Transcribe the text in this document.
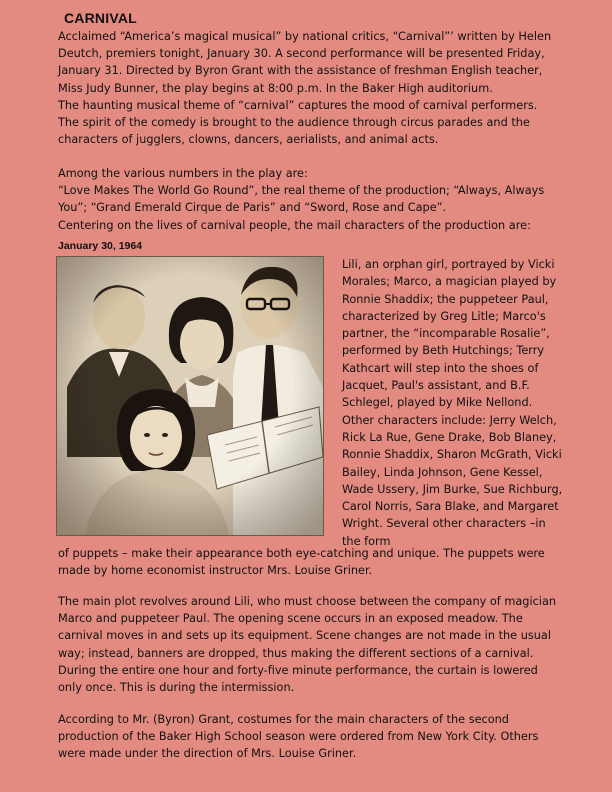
CARNIVAL

Acclaimed “America’s magical musical” by national critics, “Carnival”’ written by Helen Deutch, premiers tonight, January 30. A second performance will be presented Friday, January 31. Directed by Byron Grant with the assistance of freshman English teacher, Miss Judy Bunner, the play begins at 8:00 p.m. In the Baker High auditorium.

The haunting musical theme of “carnival” captures the mood of carnival performers. The spirit of the comedy is brought to the audience through circus parades and the characters of jugglers, clowns, dancers, aerialists, and animal acts.

Among the various numbers in the play are:

“Love Makes The World Go Round”, the real theme of the production; “Always, Always You”; “Grand Emerald Cirque de Paris” and “Sword, Rose and Cape”.

Centering on the lives of carnival people, the mail characters of the production are:

January 30, 1964
Lili, an orphan girl, portrayed by Vicki Morales; Marco, a magician played by Ronnie Shaddix; the puppeteer Paul, characterized by Greg Litle; Marco's partner, the “incomparable Rosalie”, performed by Beth Hutchings; Terry Kathcart will step into the shoes of Jacquet, Paul's assistant, and B.F. Schlegel, played by Mike Nellond. Other characters include: Jerry Welch, Rick La Rue, Gene Drake, Bob Blaney, Ronnie Shaddix, Sharon McGrath, Vicki Bailey, Linda Johnson, Gene Kessel, Wade Ussery, Jim Burke, Sue Richburg, Carol Norris, Sara Blake, and Margaret Wright. Several other characters –in the form
of puppets – make their appearance both eye-catching and unique. The puppets were made by home economist instructor Mrs. Louise Griner.
The main plot revolves around Lili, who must choose between the company of magician Marco and puppeteer Paul. The opening scene occurs in an exposed meadow. The carnival moves in and sets up its equipment. Scene changes are not made in the usual way; instead, banners are dropped, thus making the different sections of a carnival. During the entire one hour and forty-five minute performance, the curtain is lowered only once. This is during the intermission.
According to Mr. (Byron) Grant, costumes for the main characters of the second production of the Baker High School season were ordered from New York City. Others were made under the direction of Mrs. Louise Griner.
